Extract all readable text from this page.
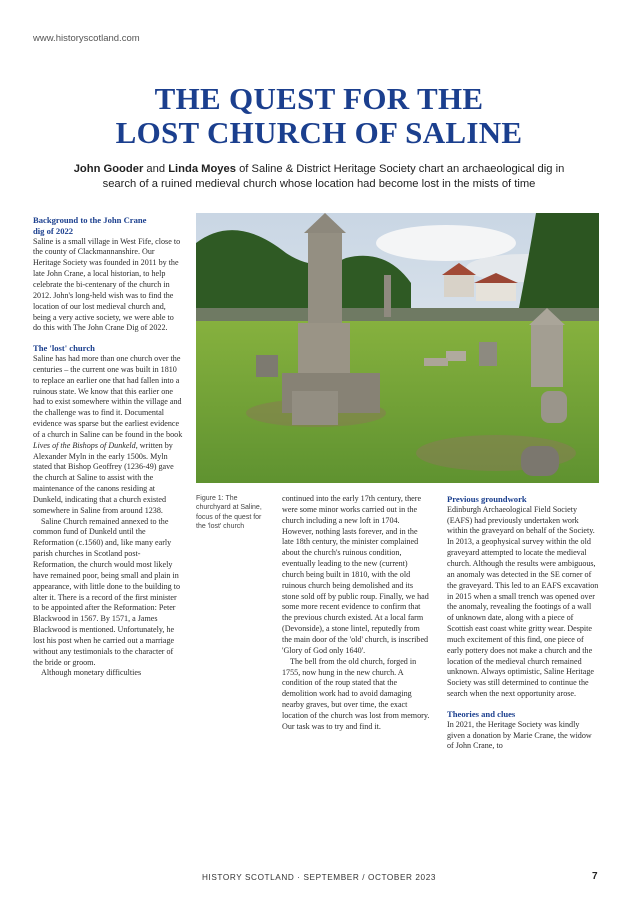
www.historyscotland.com
THE QUEST FOR THE
LOST CHURCH OF SALINE
John Gooder and Linda Moyes of Saline & District Heritage Society chart an archaeological dig in
search of a ruined medieval church whose location had become lost in the mists of time
Background to the John Crane
dig of 2022

Saline is a small village in West Fife, close to the county of Clackmannanshire. Our Heritage Society was founded in 2011 by the late John Crane, a local historian, to help celebrate the bi-centenary of the church in 2012. John's long-held wish was to find the location of our lost medieval church and, being a very active society, we were able to do this with The John Crane Dig of 2022.

The 'lost' church

Saline has had more than one church over the centuries – the current one was built in 1810 to replace an earlier one that had fallen into a ruinous state. We know that this earlier one had to exist somewhere within the village and the challenge was to find it. Documental evidence was sparse but the earliest evidence of a church in Saline can be found in the book Lives of the Bishops of Dunkeld, written by Alexander Myln in the early 1500s. Myln stated that Bishop Geoffrey (1236-49) gave the church at Saline to assist with the maintenance of the canons residing at Dunkeld, indicating that a church existed somewhere in Saline from around 1238.

Saline Church remained annexed to the common fund of Dunkeld until the Reformation (c.1560) and, like many early parish churches in Scotland post-Reformation, the church would most likely have remained poor, being small and plain in appearance, with little done to the building to alter it. There is a record of the first minister to be appointed after the Reformation: Peter Blackwood in 1567. By 1571, a James Blackwood is mentioned. Unfortunately, he lost his post when he carried out a marriage without any testimonials to the character of the bride or groom.

Although monetary difficulties

Figure 1: The churchyard at Saline, focus of the quest for the 'lost' church

continued into the early 17th century, there were some minor works carried out in the church including a new loft in 1704. However, nothing lasts forever, and in the late 18th century, the minister complained about the church's ruinous condition, eventually leading to the new (current) church being built in 1810, with the old ruinous church being demolished and its stone sold off by public roup. Finally, we had some more recent evidence to confirm that the previous church existed. At a local farm (Devonside), a stone lintel, reputedly from the main door of the 'old' church, is inscribed 'Glory of God only 1640'.

The bell from the old church, forged in 1755, now hung in the new church. A condition of the roup stated that the demolition work had to avoid damaging nearby graves, but over time, the exact location of the church was lost from memory. Our task was to try and find it.

Previous groundwork

Edinburgh Archaeological Field Society (EAFS) had previously undertaken work within the graveyard on behalf of the Society. In 2013, a geophysical survey within the old graveyard attempted to locate the medieval church. Although the results were ambiguous, an anomaly was detected in the SE corner of the graveyard. This led to an EAFS excavation in 2015 when a small trench was opened over the anomaly, revealing the footings of a wall of unknown date, along with a piece of Scottish east coast white gritty wear. Despite much excitement of this find, one piece of early pottery does not make a church and the location of the medieval church remained unknown. Always optimistic, Saline Heritage Society was still determined to continue the search when the next opportunity arose.

Theories and clues

In 2021, the Heritage Society was kindly given a donation by Marie Crane, the widow of John Crane, to

HISTORY SCOTLAND · SEPTEMBER / OCTOBER 2023	7
